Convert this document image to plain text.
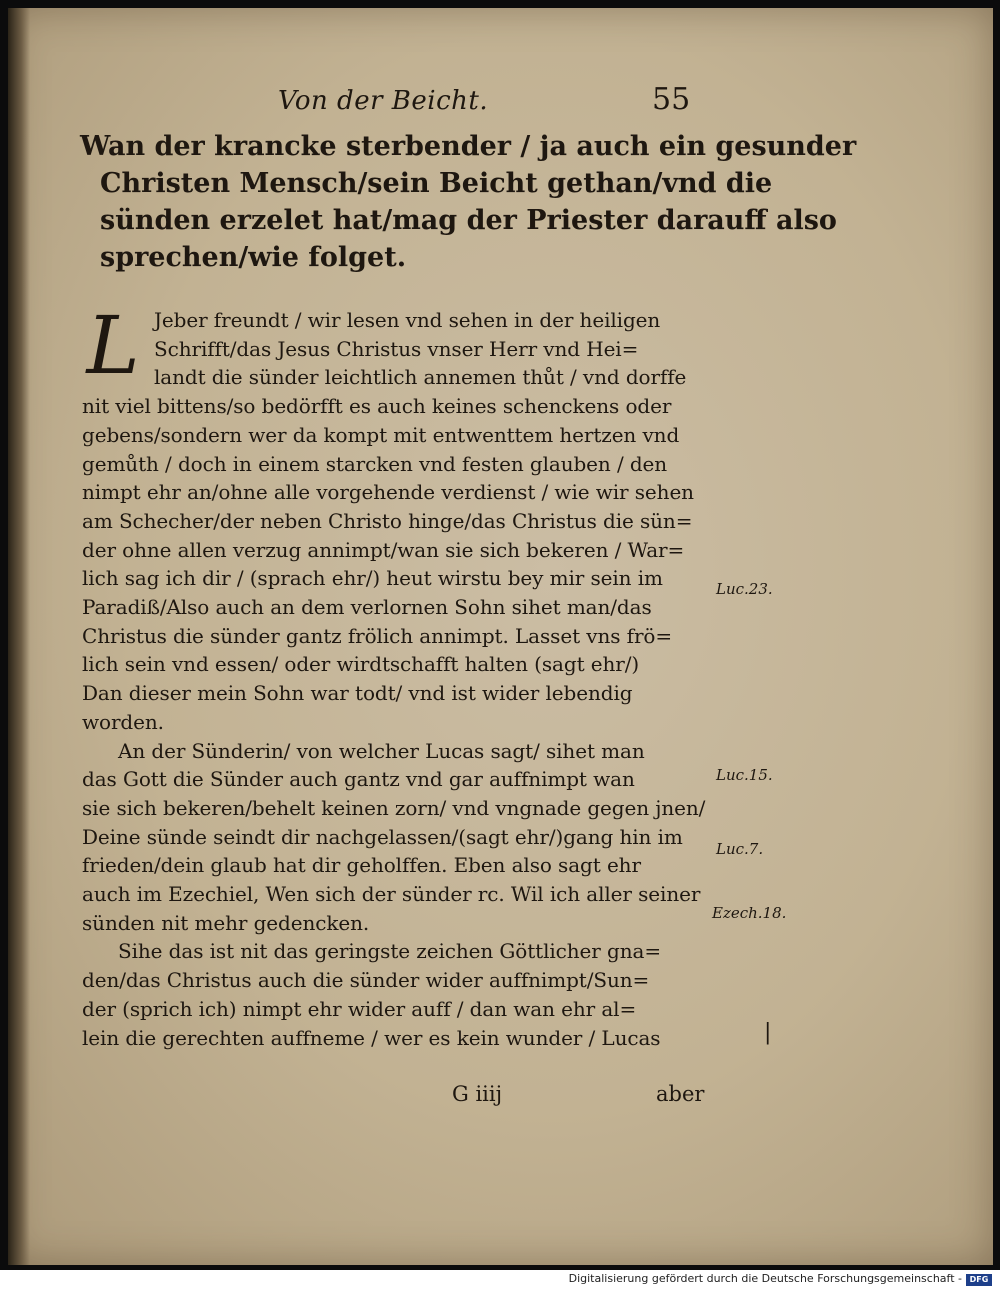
Von der Beicht.	55
Wan der krancke sterbender / ja auch ein gesunder
Christen Mensch/sein Beicht gethan/vnd die
sünden erzelet hat/mag der Priester darauff also
sprechen/wie folget.
L Jeber freundt / wir lesen vnd sehen in der heiligen
Schrifft/das Jesus Christus vnser Herr vnd Hei=
landt die sünder leichtlich annemen thůt / vnd dorffe
nit viel bittens/so bedörfft es auch keines schenckens oder
gebens/sondern wer da kompt mit entwenttem hertzen vnd
gemůth / doch in einem starcken vnd festen glauben / den
nimpt ehr an/ohne alle vorgehende verdienst / wie wir sehen
am Schecher/der neben Christo hinge/das Christus die sün=
der ohne allen verzug annimpt/wan sie sich bekeren / War=
lich sag ich dir / (sprach ehr/) heut wirstu bey mir sein im
Paradiß/Also auch an dem verlornen Sohn sihet man/das
Christus die sünder gantz frölich annimpt. Lasset vns frö=
lich sein vnd essen/ oder wirdtschafft halten (sagt ehr/)
Dan dieser mein Sohn war todt/ vnd ist wider lebendig
worden.
An der Sünderin/ von welcher Lucas sagt/ sihet man
das Gott die Sünder auch gantz vnd gar auffnimpt wan
sie sich bekeren/behelt keinen zorn/ vnd vngnade gegen jnen/
Deine sünde seindt dir nachgelassen/(sagt ehr/)gang hin im
frieden/dein glaub hat dir geholffen. Eben also sagt ehr
auch im Ezechiel, Wen sich der sünder rc. Wil ich aller seiner
sünden nit mehr gedencken.
Sihe das ist nit das geringste zeichen Göttlicher gna=
den/das Christus auch die sünder wider auffnimpt/Sun=
der (sprich ich) nimpt ehr wider auff / dan wan ehr al=
lein die gerechten auffneme / wer es kein wunder / Lucas
Luc.23.
Luc.15.
Luc.7.
Ezech.18.
|
G iiij	aber
Digitalisierung gefördert durch die Deutsche Forschungsgemeinschaft - DFG
